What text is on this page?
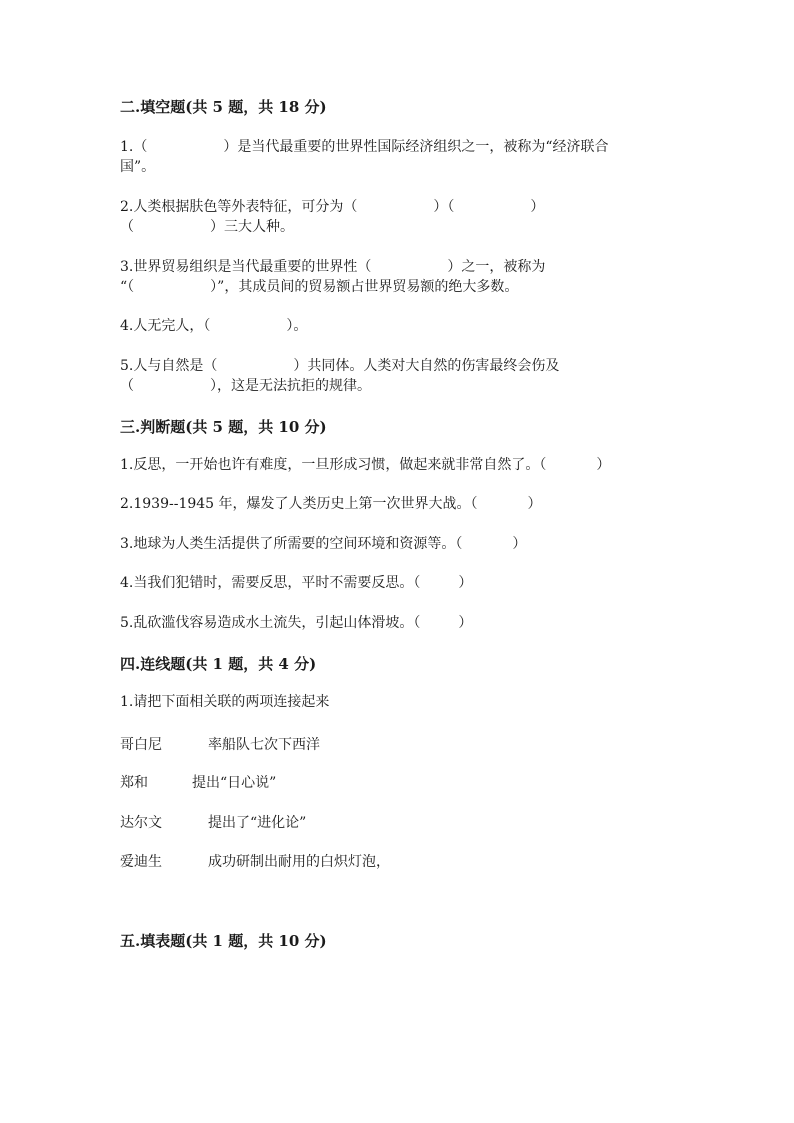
二.填空题(共 5 题，共 18 分)
1.（	）是当代最重要的世界性国际经济组织之一，被称为“经济联合
国”。
2.人类根据肤色等外表特征，可分为（	）（	）
（	）三大人种。
3.世界贸易组织是当代最重要的世界性（	）之一，被称为
“（	）”，其成员间的贸易额占世界贸易额的绝大多数。
4.人无完人，（	）。
5.人与自然是（	）共同体。人类对大自然的伤害最终会伤及
（	），这是无法抗拒的规律。
三.判断题(共 5 题，共 10 分)
1.反思，一开始也许有难度，一旦形成习惯，做起来就非常自然了。（	）
2.1939--1945 年，爆发了人类历史上第一次世界大战。（	）
3.地球为人类生活提供了所需要的空间环境和资源等。（	）
4.当我们犯错时，需要反思，平时不需要反思。（	）
5.乱砍滥伐容易造成水土流失，引起山体滑坡。（	）
四.连线题(共 1 题，共 4 分)
1.请把下面相关联的两项连接起来
哥白尼	率船队七次下西洋
郑和	提出“日心说”
达尔文	提出了“进化论”
爱迪生	成功研制出耐用的白炽灯泡，
五.填表题(共 1 题，共 10 分)
